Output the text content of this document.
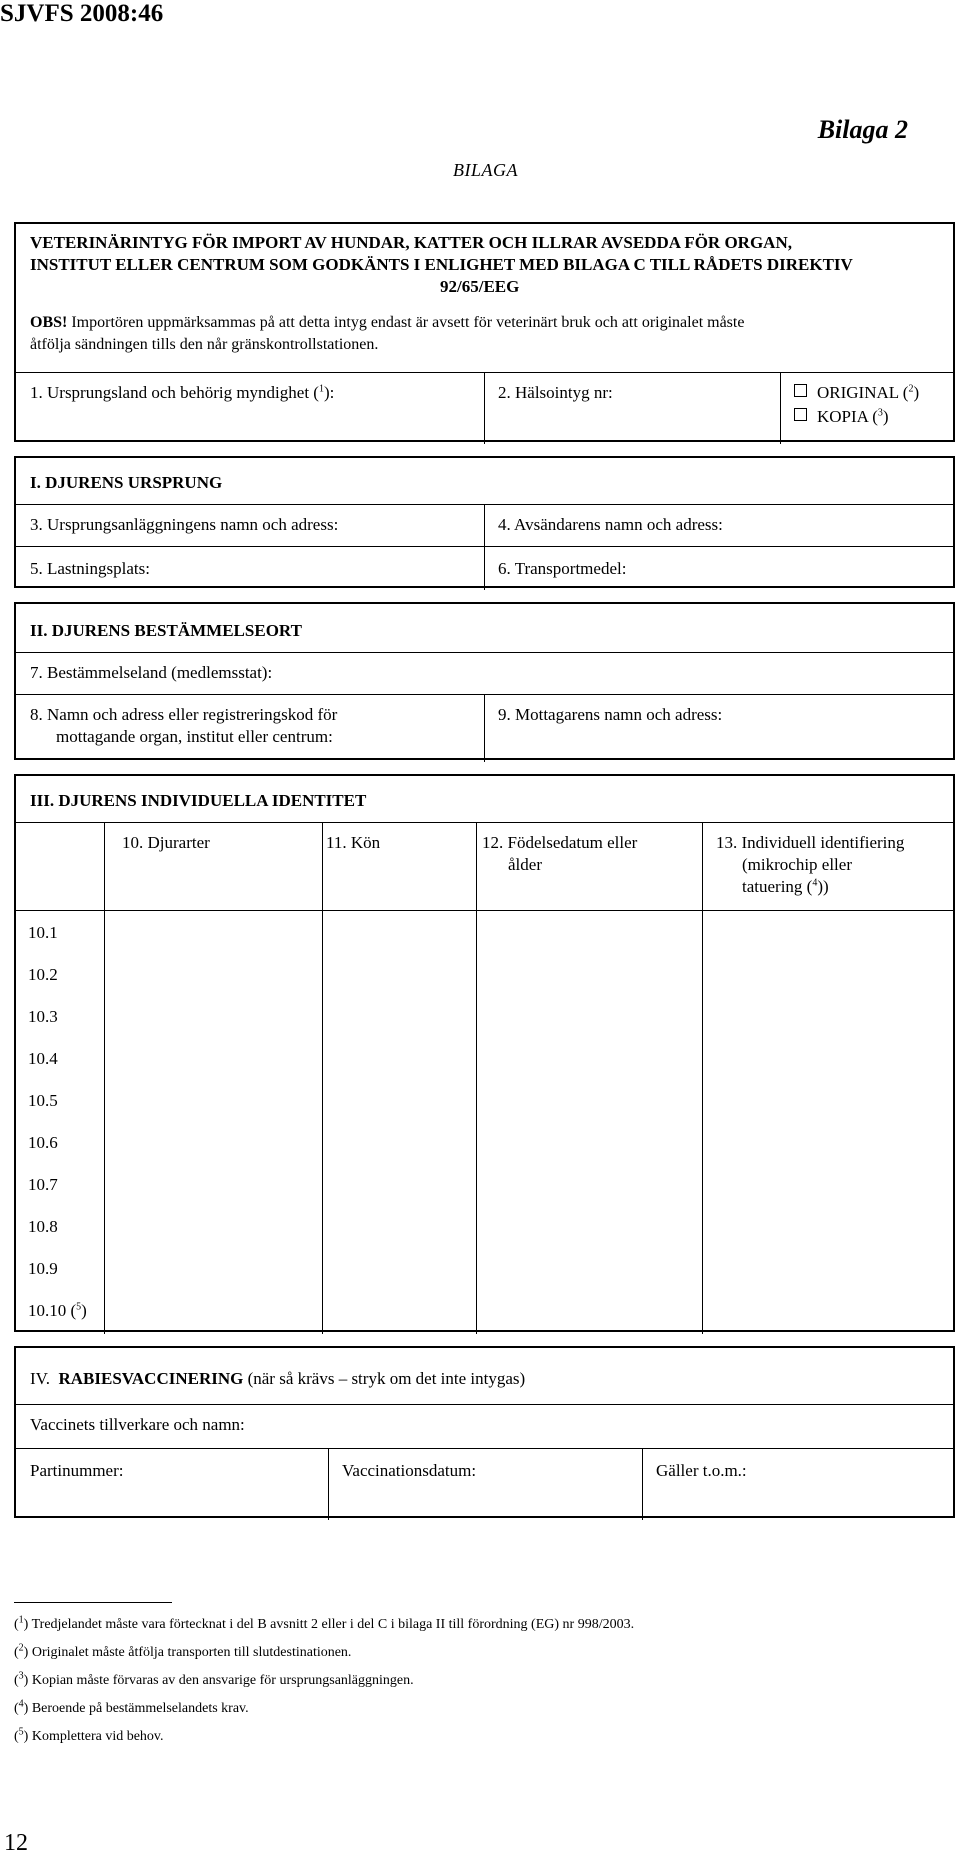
SJVFS 2008:46
Bilaga 2
BILAGA
VETERINÄRINTYG FÖR IMPORT AV HUNDAR, KATTER OCH ILLRAR AVSEDDA FÖR ORGAN,
INSTITUT ELLER CENTRUM SOM GODKÄNTS I ENLIGHET MED BILAGA C TILL RÅDETS DIREKTIV
92/65/EEG
OBS! Importören uppmärksammas på att detta intyg endast är avsett för veterinärt bruk och att originalet måste
åtfölja sändningen tills den når gränskontrollstationen.
1. Ursprungsland och behörig myndighet ($^1$):	2. Hälsointyg nr:	ORIGINAL ($^2$)
KOPIA ($^3$)
I. DJURENS URSPRUNG
3. Ursprungsanläggningens namn och adress:	4. Avsändarens namn och adress:
5. Lastningsplats:	6. Transportmedel:
II. DJURENS BESTÄMMELSEORT
7. Bestämmelseland (medlemsstat):
8. Namn och adress eller registreringskod för
mottagande organ, institut eller centrum:
9. Mottagarens namn och adress:
III. DJURENS INDIVIDUELLA IDENTITET
10. Djurarter	11. Kön	12. Födelsedatum eller
ålder
13. Individuell identifiering
(mikrochip eller
tatuering ($^4$))
10.1
10.2
10.3
10.4
10.5
10.6
10.7
10.8
10.9
10.10 ($^5$)
IV. RABIESVACCINERING (när så krävs – stryk om det inte intygas)
Vaccinets tillverkare och namn:
Partinummer:	Vaccinationsdatum:	Gäller t.o.m.:
($^1$) Tredjelandet måste vara förtecknat i del B avsnitt 2 eller i del C i bilaga II till förordning (EG) nr 998/2003.
($^2$) Originalet måste åtfölja transporten till slutdestinationen.
($^3$) Kopian måste förvaras av den ansvarige för ursprungsanläggningen.
($^4$) Beroende på bestämmelselandets krav.
($^5$) Komplettera vid behov.
12
